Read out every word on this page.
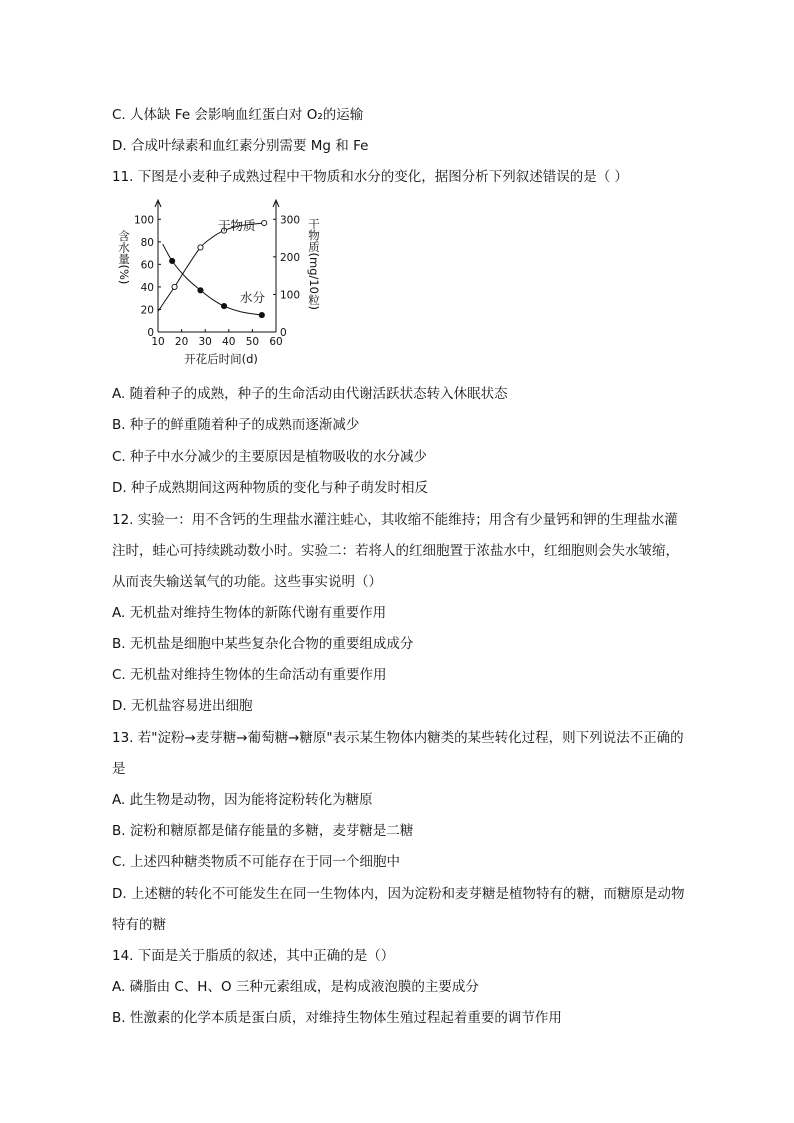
C. 人体缺 Fe 会影响血红蛋白对 O₂的运输
D. 合成叶绿素和血红素分别需要 Mg 和 Fe
11. 下图是小麦种子成熟过程中干物质和水分的变化，据图分析下列叙述错误的是（ ）
10 20 30 40 50 60
0
20
40
60
80
100
0
100
200
300
干物质
水分
开花后时间(d)
含水量(%)	干物质(mg/10粒)
A. 随着种子的成熟，种子的生命活动由代谢活跃状态转入休眠状态
B. 种子的鲜重随着种子的成熟而逐渐减少
C. 种子中水分减少的主要原因是植物吸收的水分减少
D. 种子成熟期间这两种物质的变化与种子萌发时相反
12. 实验一：用不含钙的生理盐水灌注蛙心，其收缩不能维持；用含有少量钙和钾的生理盐水灌
注时，蛙心可持续跳动数小时。实验二：若将人的红细胞置于浓盐水中，红细胞则会失水皱缩，
从而丧失输送氧气的功能。这些事实说明（）
A. 无机盐对维持生物体的新陈代谢有重要作用
B. 无机盐是细胞中某些复杂化合物的重要组成成分
C. 无机盐对维持生物体的生命活动有重要作用
D. 无机盐容易进出细胞
13. 若"淀粉→麦芽糖→葡萄糖→糖原"表示某生物体内糖类的某些转化过程，则下列说法不正确的
是
A. 此生物是动物，因为能将淀粉转化为糖原
B. 淀粉和糖原都是储存能量的多糖，麦芽糖是二糖
C. 上述四种糖类物质不可能存在于同一个细胞中
D. 上述糖的转化不可能发生在同一生物体内，因为淀粉和麦芽糖是植物特有的糖，而糖原是动物
特有的糖
14. 下面是关于脂质的叙述，其中正确的是（）
A. 磷脂由 C、H、O 三种元素组成，是构成液泡膜的主要成分
B. 性激素的化学本质是蛋白质，对维持生物体生殖过程起着重要的调节作用
